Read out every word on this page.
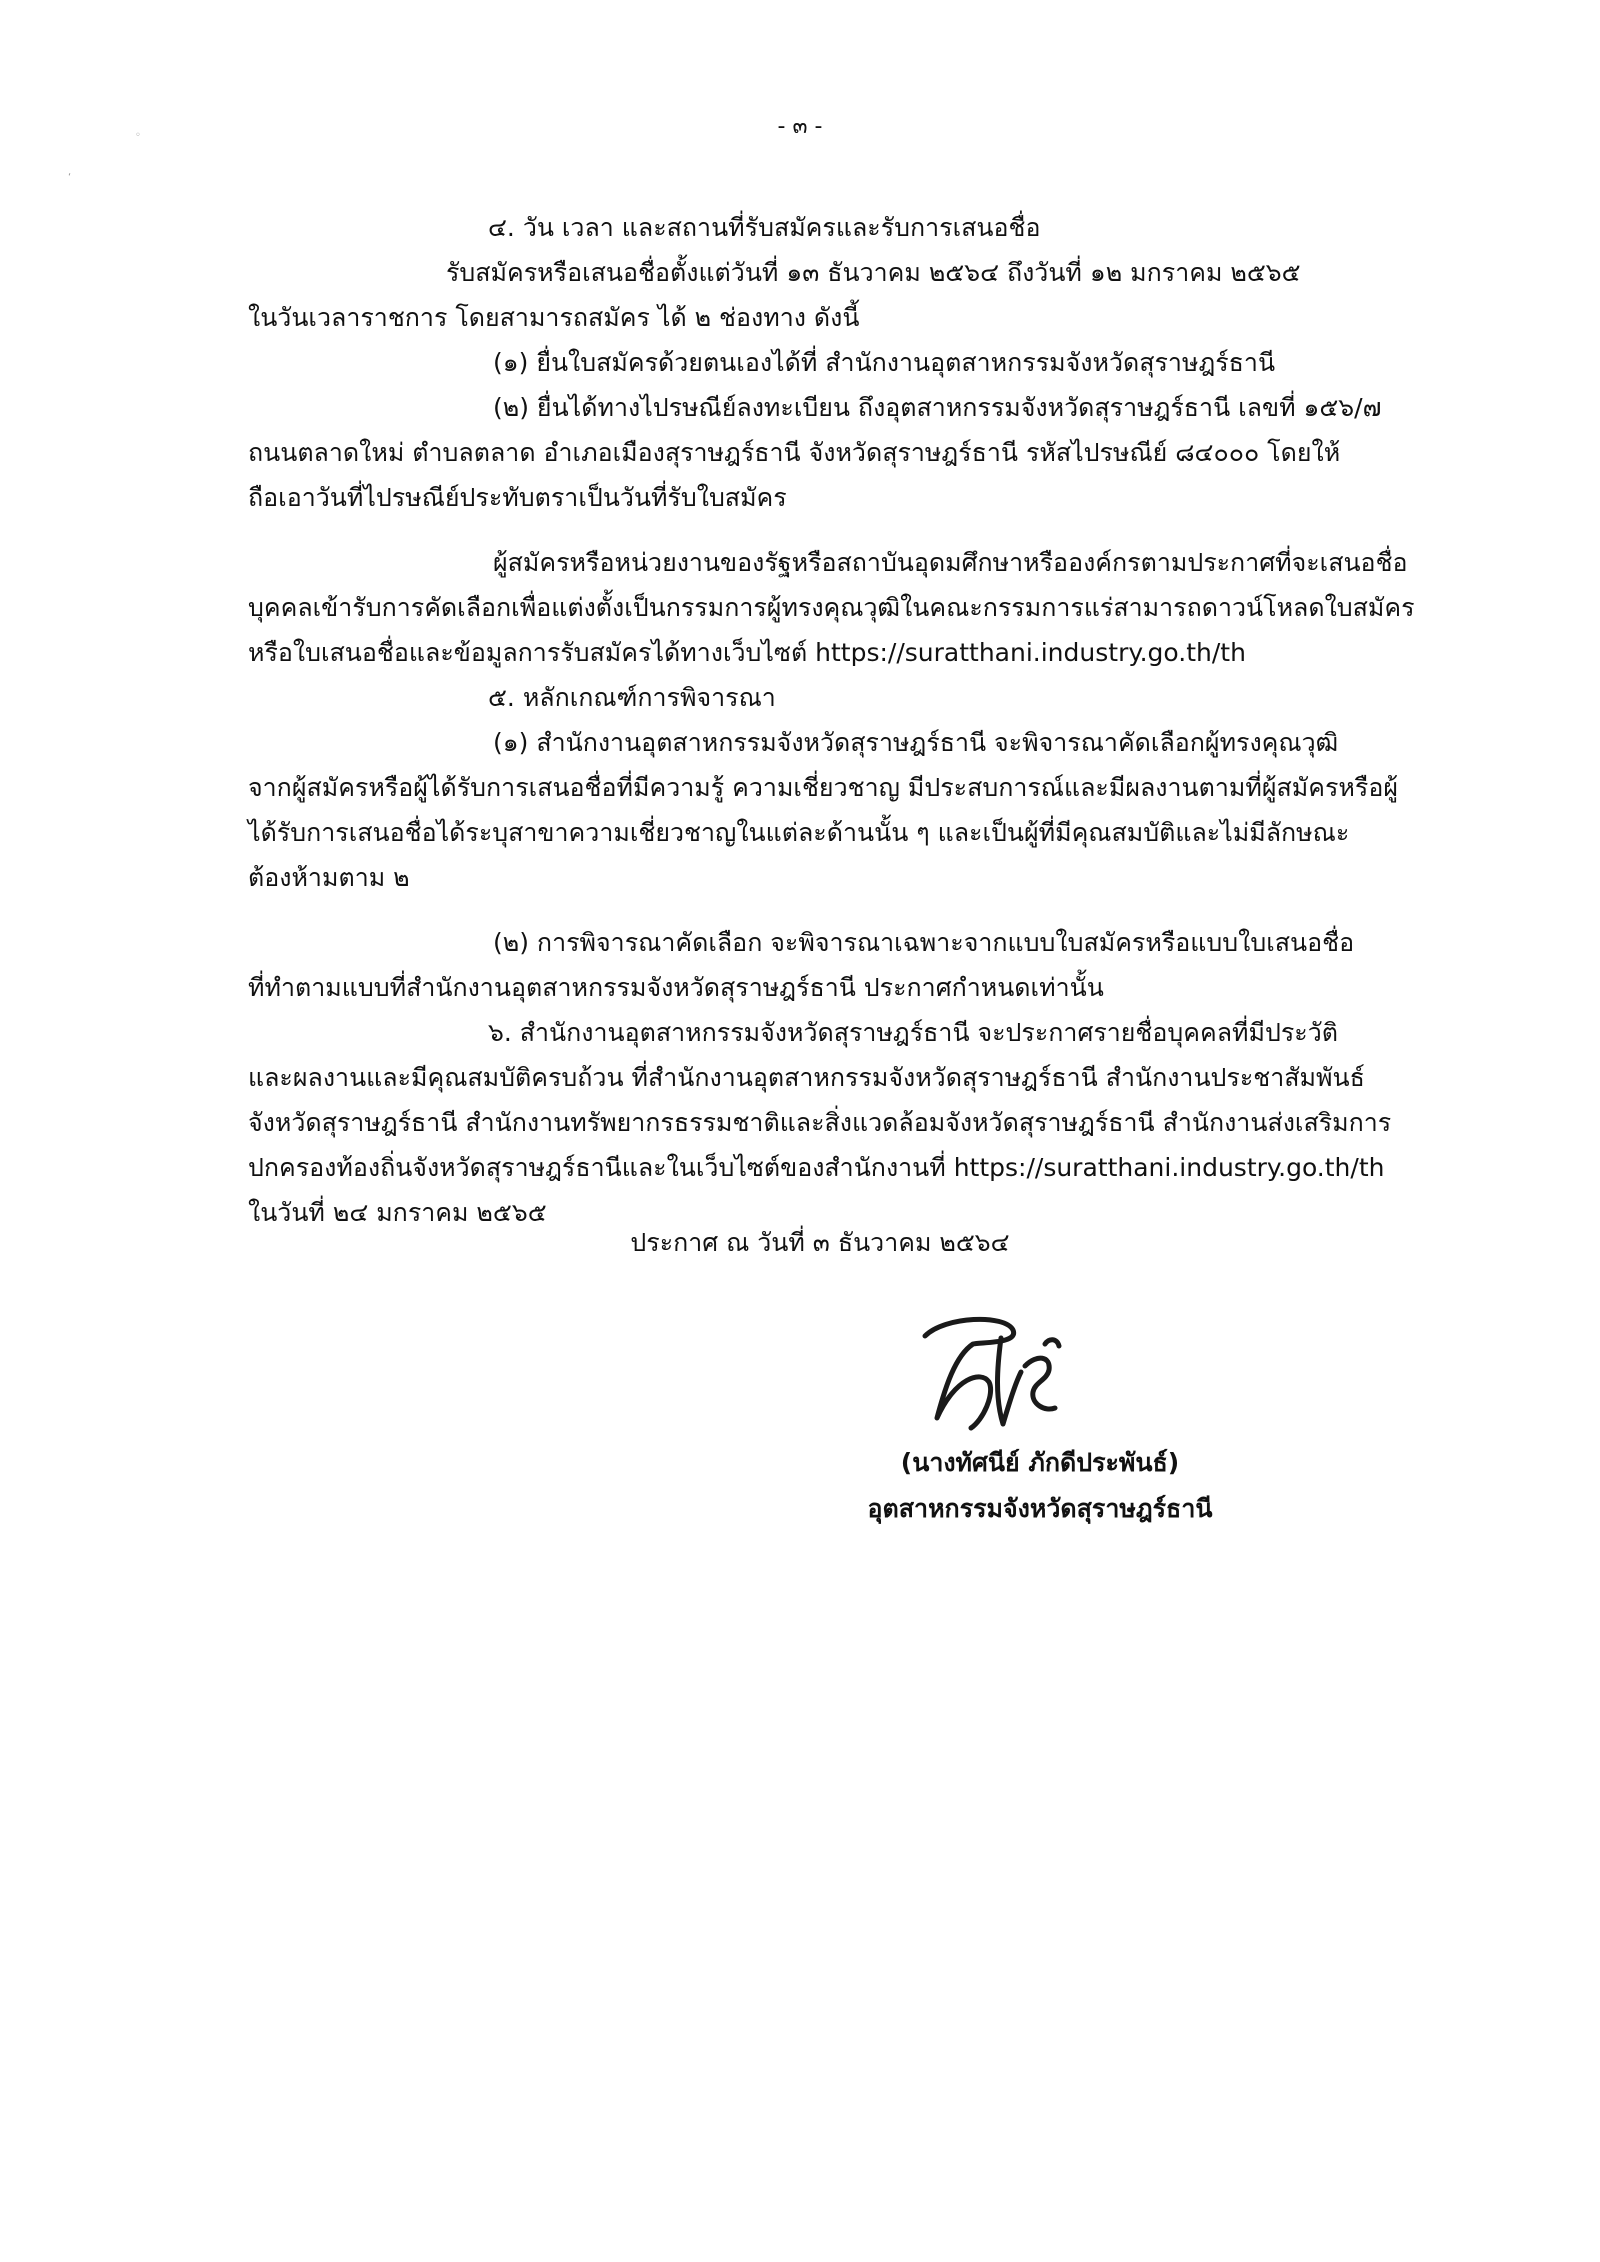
◦
‘
- ๓ -
๔. วัน เวลา และสถานที่รับสมัครและรับการเสนอชื่อ
รับสมัครหรือเสนอชื่อตั้งแต่วันที่ ๑๓ ธันวาคม ๒๕๖๔ ถึงวันที่ ๑๒ มกราคม ๒๕๖๕
ในวันเวลาราชการ โดยสามารถสมัคร ได้ ๒ ช่องทาง ดังนี้
(๑) ยื่นใบสมัครด้วยตนเองได้ที่ สำนักงานอุตสาหกรรมจังหวัดสุราษฎร์ธานี
(๒) ยื่นได้ทางไปรษณีย์ลงทะเบียน ถึงอุตสาหกรรมจังหวัดสุราษฎร์ธานี เลขที่ ๑๕๖/๗
ถนนตลาดใหม่ ตำบลตลาด อำเภอเมืองสุราษฎร์ธานี จังหวัดสุราษฎร์ธานี รหัสไปรษณีย์ ๘๔๐๐๐ โดยให้
ถือเอาวันที่ไปรษณีย์ประทับตราเป็นวันที่รับใบสมัคร
ผู้สมัครหรือหน่วยงานของรัฐหรือสถาบันอุดมศึกษาหรือองค์กรตามประกาศที่จะเสนอชื่อ
บุคคลเข้ารับการคัดเลือกเพื่อแต่งตั้งเป็นกรรมการผู้ทรงคุณวุฒิในคณะกรรมการแร่สามารถดาวน์โหลดใบสมัคร
หรือใบเสนอชื่อและข้อมูลการรับสมัครได้ทางเว็บไซต์ https://suratthani.industry.go.th/th
๕. หลักเกณฑ์การพิจารณา
(๑) สำนักงานอุตสาหกรรมจังหวัดสุราษฎร์ธานี จะพิจารณาคัดเลือกผู้ทรงคุณวุฒิ
จากผู้สมัครหรือผู้ได้รับการเสนอชื่อที่มีความรู้ ความเชี่ยวชาญ มีประสบการณ์และมีผลงานตามที่ผู้สมัครหรือผู้
ได้รับการเสนอชื่อได้ระบุสาขาความเชี่ยวชาญในแต่ละด้านนั้น ๆ และเป็นผู้ที่มีคุณสมบัติและไม่มีลักษณะ
ต้องห้ามตาม ๒
(๒) การพิจารณาคัดเลือก จะพิจารณาเฉพาะจากแบบใบสมัครหรือแบบใบเสนอชื่อ
ที่ทำตามแบบที่สำนักงานอุตสาหกรรมจังหวัดสุราษฎร์ธานี ประกาศกำหนดเท่านั้น
๖. สำนักงานอุตสาหกรรมจังหวัดสุราษฎร์ธานี จะประกาศรายชื่อบุคคลที่มีประวัติ
และผลงานและมีคุณสมบัติครบถ้วน ที่สำนักงานอุตสาหกรรมจังหวัดสุราษฎร์ธานี สำนักงานประชาสัมพันธ์
จังหวัดสุราษฎร์ธานี สำนักงานทรัพยากรธรรมชาติและสิ่งแวดล้อมจังหวัดสุราษฎร์ธานี สำนักงานส่งเสริมการ
ปกครองท้องถิ่นจังหวัดสุราษฎร์ธานีและในเว็บไซต์ของสำนักงานที่ https://suratthani.industry.go.th/th
ในวันที่ ๒๔ มกราคม ๒๕๖๕
ประกาศ ณ วันที่ ๓ ธันวาคม ๒๕๖๔
(นางทัศนีย์ ภักดีประพันธ์)
อุตสาหกรรมจังหวัดสุราษฎร์ธานี
